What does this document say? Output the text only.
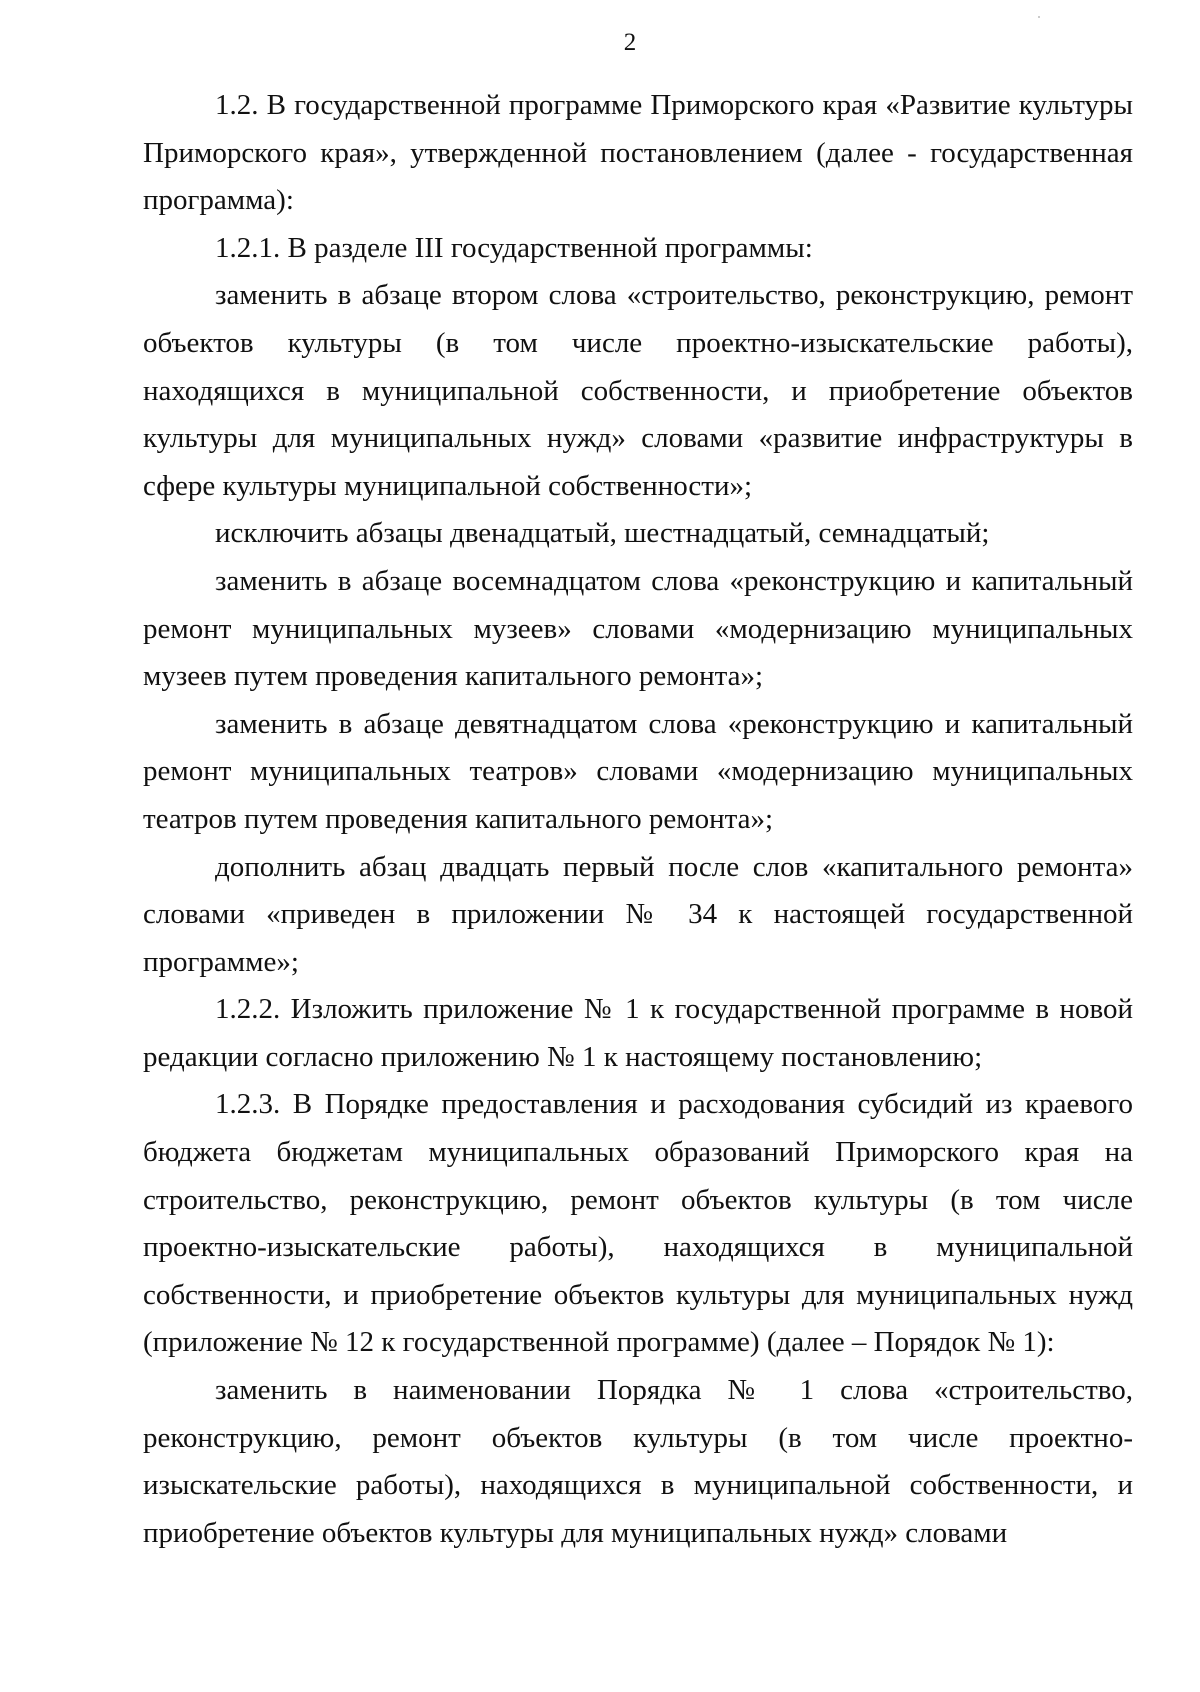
2

1.2. В государственной программе Приморского края «Развитие культуры Приморского края», утвержденной постановлением (далее - государственная программа):

1.2.1. В разделе III государственной программы:

заменить в абзаце втором слова «строительство, реконструкцию, ремонт объектов культуры (в том числе проектно-изыскательские работы), находящихся в муниципальной собственности, и приобретение объектов культуры для муниципальных нужд» словами «развитие инфраструктуры в сфере культуры муниципальной собственности»;

исключить абзацы двенадцатый, шестнадцатый, семнадцатый;

заменить в абзаце восемнадцатом слова «реконструкцию и капитальный ремонт муниципальных музеев» словами «модернизацию муниципальных музеев путем проведения капитального ремонта»;

заменить в абзаце девятнадцатом слова «реконструкцию и капитальный ремонт муниципальных театров» словами «модернизацию муниципальных театров путем проведения капитального ремонта»;

дополнить абзац двадцать первый после слов «капитального ремонта» словами «приведен в приложении № 34 к настоящей государственной программе»;

1.2.2. Изложить приложение № 1 к государственной программе в новой редакции согласно приложению № 1 к настоящему постановлению;

1.2.3. В Порядке предоставления и расходования субсидий из краевого бюджета бюджетам муниципальных образований Приморского края на строительство, реконструкцию, ремонт объектов культуры (в том числе проектно-изыскательские работы), находящихся в муниципальной собственности, и приобретение объектов культуры для муниципальных нужд (приложение № 12 к государственной программе) (далее – Порядок № 1):

заменить в наименовании Порядка № 1 слова «строительство, реконструкцию, ремонт объектов культуры (в том числе проектно-изыскательские работы), находящихся в муниципальной собственности, и приобретение объектов культуры для муниципальных нужд» словами
